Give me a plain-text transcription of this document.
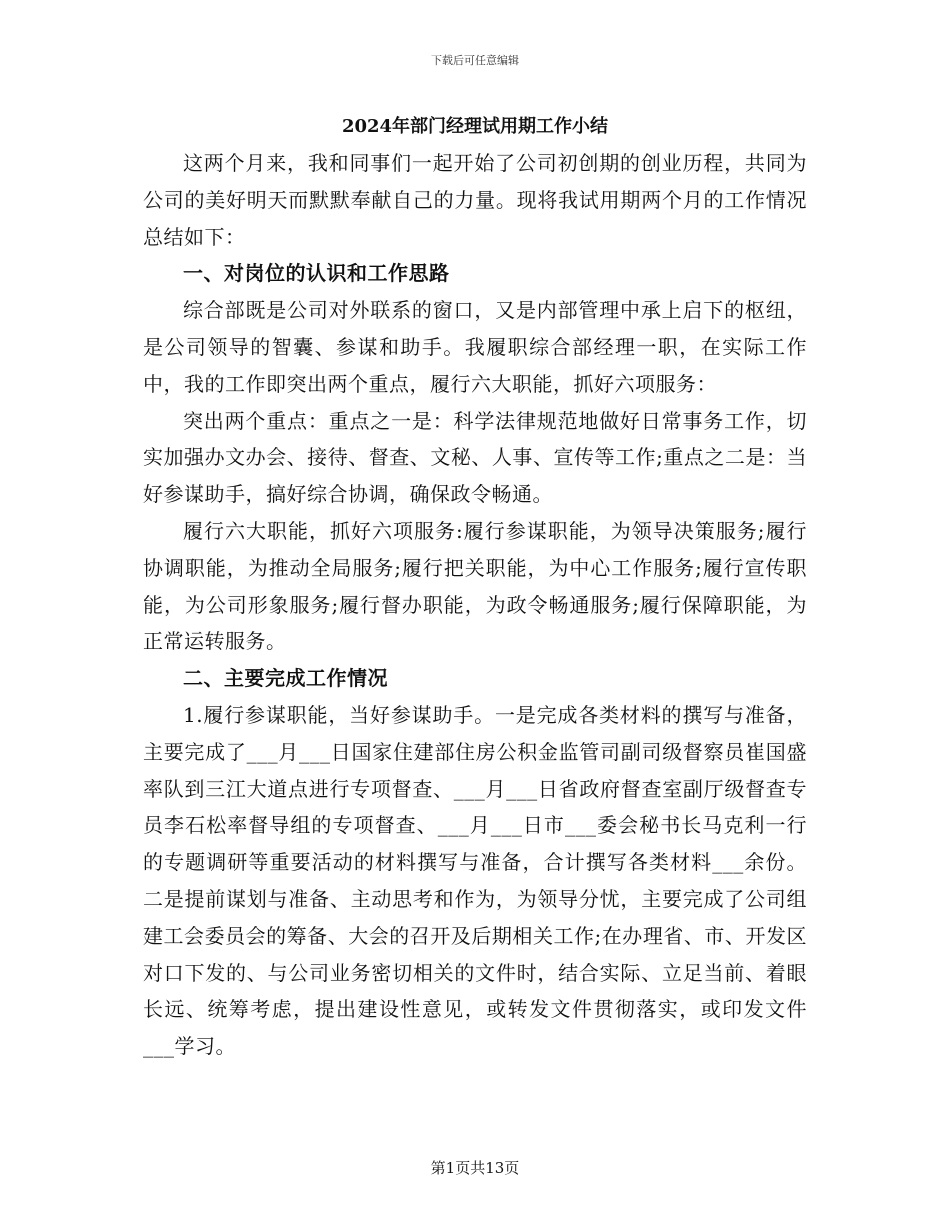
下载后可任意编辑
2024年部门经理试用期工作小结

这两个月来，我和同事们一起开始了公司初创期的创业历程，共同为公司的美好明天而默默奉献自己的力量。现将我试用期两个月的工作情况总结如下：

一、对岗位的认识和工作思路

综合部既是公司对外联系的窗口，又是内部管理中承上启下的枢纽，是公司领导的智囊、参谋和助手。我履职综合部经理一职，在实际工作中，我的工作即突出两个重点，履行六大职能，抓好六项服务：

突出两个重点：重点之一是：科学法律规范地做好日常事务工作，切实加强办文办会、接待、督查、文秘、人事、宣传等工作;重点之二是：当好参谋助手，搞好综合协调，确保政令畅通。

履行六大职能，抓好六项服务:履行参谋职能，为领导决策服务;履行协调职能，为推动全局服务;履行把关职能，为中心工作服务;履行宣传职能，为公司形象服务;履行督办职能，为政令畅通服务;履行保障职能，为正常运转服务。

二、主要完成工作情况

1.履行参谋职能，当好参谋助手。一是完成各类材料的撰写与准备，主要完成了___月___日国家住建部住房公积金监管司副司级督察员崔国盛率队到三江大道点进行专项督查、___月___日省政府督查室副厅级督查专员李石松率督导组的专项督查、___月___日市___委会秘书长马克利一行的专题调研等重要活动的材料撰写与准备，合计撰写各类材料___余份。二是提前谋划与准备、主动思考和作为，为领导分忧，主要完成了公司组建工会委员会的筹备、大会的召开及后期相关工作;在办理省、市、开发区对口下发的、与公司业务密切相关的文件时，结合实际、立足当前、着眼长远、统筹考虑，提出建设性意见，或转发文件贯彻落实，或印发文件___学习。

第1页共13页
